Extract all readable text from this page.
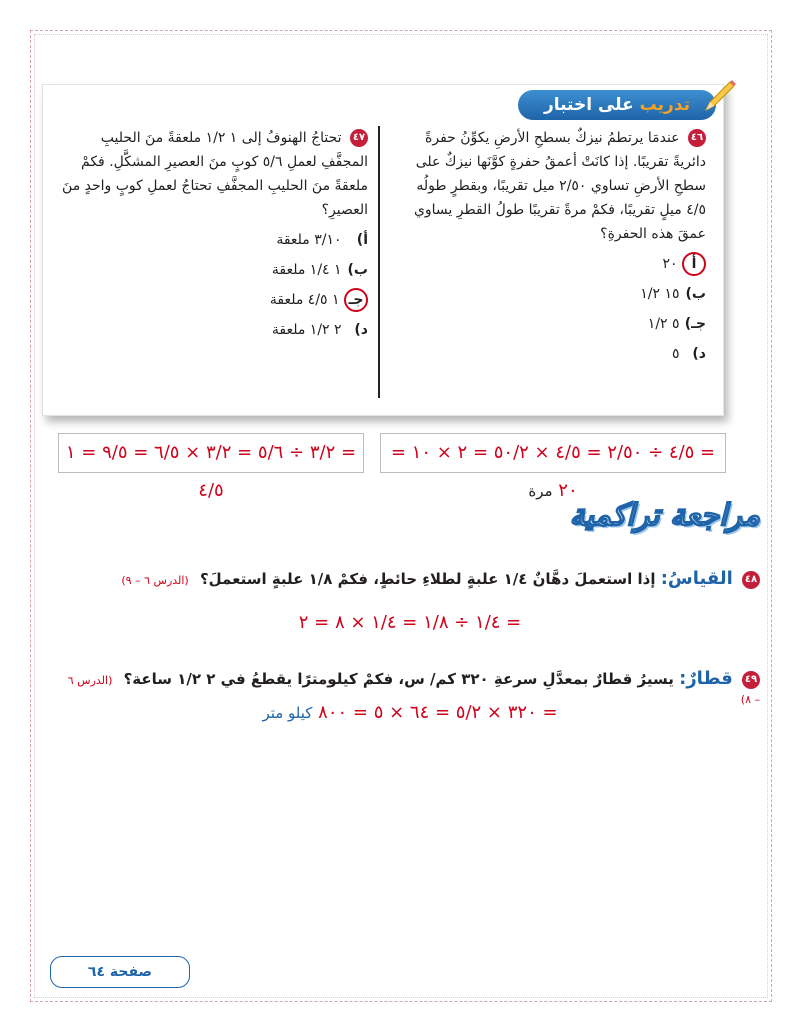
تدريب على اختبار
٤٦ عندمَا يرتطمُ نيزكٌ بسطحِ الأرضِ يكوِّنُ حفرةً دائريةً تقريبًا. إذا كانَتْ أعمقُ حفرةٍ كوَّنَها نيزكٌ على سطحِ الأرضِ تساوي ٢/٥٠ ميل تقريبًا، وبقطرٍ طولُه ٤/٥ ميلٍ تقريبًا، فكمْ مرةً تقريبًا طولُ القطرِ يساوي عمقَ هذه الحفرةِ؟
أ ٢٠
ب) ١٥ ١/٢
جـ) ٥ ١/٢
د) ٥
٤٧ تحتاجُ الهنوفُ إلى ١ ١/٢ ملعقةً منَ الحليبِ المجفَّفِ لعملِ ٥/٦ كوبٍ منَ العصيرِ المشكَّلِ. فكمْ ملعقةً منَ الحليبِ المجفَّفِ تحتاجُ لعملِ كوبٍ واحدٍ منَ العصيرِ؟
أ) ٣/١٠ ملعقة
ب) ١ ١/٤ ملعقة
جـ ١ ٤/٥ ملعقة
د) ٢ ١/٢ ملعقة
= ٤/٥ ÷ ٢/٥٠ = ٤/٥ × ٥٠/٢ = ٢ × ١٠ = ٢٠ مرة
= ٣/٢ ÷ ٥/٦ = ٣/٢ × ٦/٥ = ٩/٥ = ١ ٤/٥
مراجعة تراكمية
٤٨ القياسُ: إذا استعملَ دهَّانٌ ١/٤ علبةٍ لطلاءِ حائطٍ، فكمْ ١/٨ علبةٍ استعملَ؟ (الدرس ٦ – ٩)
= ١/٤ ÷ ١/٨ = ١/٤ × ٨ = ٢
٤٩ قطارٌ: يسيرُ قطارٌ بمعدَّلِ سرعةِ ٣٢٠ كم/ س، فكمْ كيلومترًا يقطعُ في ٢ ١/٢ ساعة؟ (الدرس ٦ – ٨)
= ٣٢٠ × ٥/٢ = ٦٤ × ٥ = ٨٠٠ كيلو متر
صفحة ٦٤
